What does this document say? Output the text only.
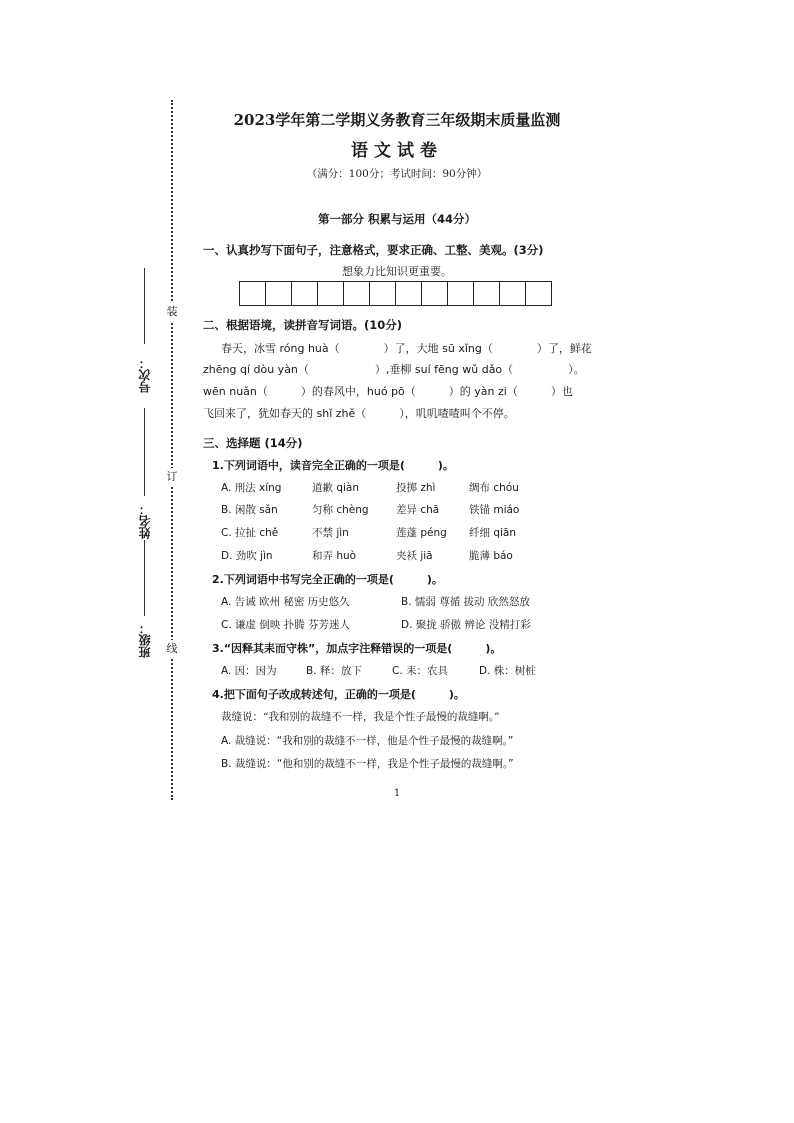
装
订
线
号次：
姓名：
班级：
2023学年第二学期义务教育三年级期末质量监测
语文试卷
（满分：100分；考试时间：90分钟）
第一部分 积累与运用（44分）
一、认真抄写下面句子，注意格式，要求正确、工整、美观。(3分)
想象力比知识更重要。
二、根据语境，读拼音写词语。(10分)
春天，冰雪 róng huà（　　　　）了，大地 sū xǐng（　　　　）了，鲜花
zhēng qí dòu yàn（　　　　　　）,垂柳 suí fēng wǔ dǎo（　　　　　）。
wēn nuǎn（　　　）的春风中，huó pō（　　　）的 yàn zi（　　　）也
飞回来了，犹如春天的 shǐ zhě（　　　），叽叽喳喳叫个不停。
三、选择题 (14分)
1.下列词语中，读音完全正确的一项是(　　　)。
A. 刑法 xíng	道歉 qiàn	投掷 zhì	绸布 chóu
B. 闲散 sǎn	匀称 chèng	差异 chā	铁锚 miáo
C. 拉扯 chě	不禁 jìn	莲蓬 péng 纤细 qiān
D. 劲吹 jìn	和弄 huò	夹袄 jiā	脆薄 báo
2.下列词语中书写完全正确的一项是(　　　)。
A. 告诫 欧州 秘密 历史悠久	B. 懦弱 尊循 拔动 欣然怒放
C. 谦虚 倒映 扑腾 芬芳迷人	D. 聚拢 骄傲 辨论 没精打彩
3.“因释其耒而守株”，加点字注释错误的一项是(　　　)。
A. 因：因为	B. 释：放下	C. 耒：农具	D. 株：树桩
4.把下面句子改成转述句，正确的一项是(　　　)。
裁缝说：“我和别的裁缝不一样，我是个性子最慢的裁缝啊。”
A. 裁缝说：“我和别的裁缝不一样，他是个性子最慢的裁缝啊。”
B. 裁缝说：“他和别的裁缝不一样，我是个性子最慢的裁缝啊。”
1
